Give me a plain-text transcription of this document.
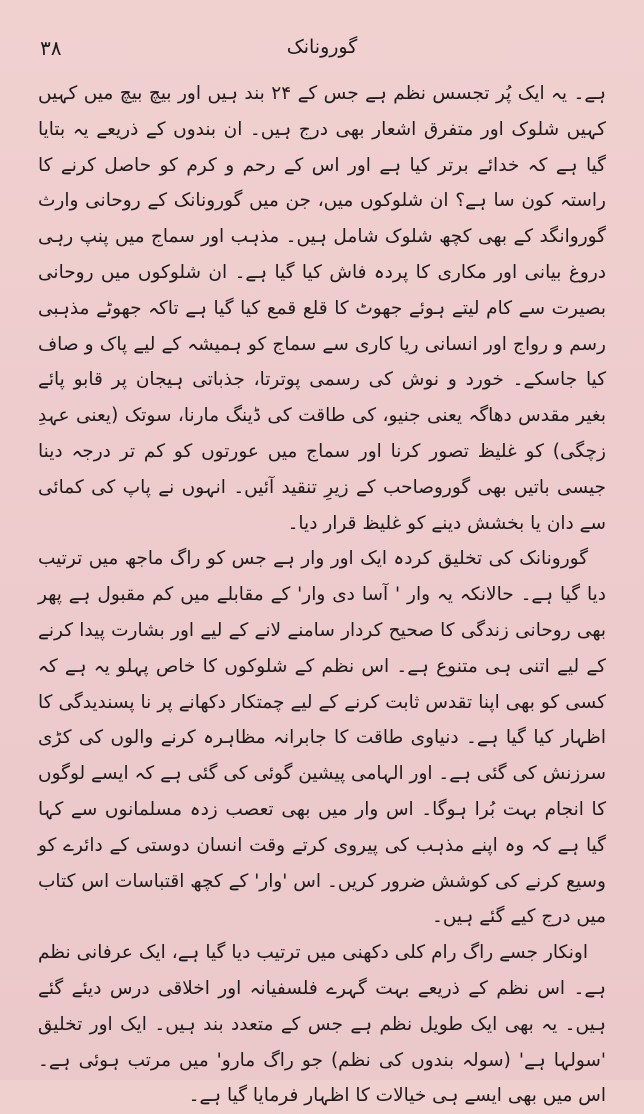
۳۸	گورونانک

ہے۔ یہ ایک پُر تجسس نظم ہے جس کے ۲۴ بند ہیں اور بیچ بیچ میں کہیں کہیں شلوک اور متفرق اشعار بھی درج ہیں۔ ان بندوں کے ذریعے یہ بتایا گیا ہے کہ خدائے برتر کیا ہے اور اس کے رحم و کرم کو حاصل کرنے کا راستہ کون سا ہے؟ ان شلوکوں میں، جن میں گورونانک کے روحانی وارث گوروانگد کے بھی کچھ شلوک شامل ہیں۔ مذہب اور سماج میں پنپ رہی دروغ بیانی اور مکاری کا پردہ فاش کیا گیا ہے۔ ان شلوکوں میں روحانی بصیرت سے کام لیتے ہوئے جھوٹ کا قلع قمع کیا گیا ہے تاکہ جھوٹے مذہبی رسم و رواج اور انسانی ریا کاری سے سماج کو ہمیشہ کے لیے پاک و صاف کیا جاسکے۔ خورد و نوش کی رسمی پوترتا، جذباتی ہیجان پر قابو پائے بغیر مقدس دھاگہ یعنی جنیو، کی طاقت کی ڈینگ مارنا، سوتک (یعنی عہدِ زچگی) کو غلیظ تصور کرنا اور سماج میں عورتوں کو کم تر درجہ دینا جیسی باتیں بھی گوروصاحب کے زیرِ تنقید آئیں۔ انہوں نے پاپ کی کمائی سے دان یا بخشش دینے کو غلیظ قرار دیا۔

گورونانک کی تخلیق کردہ ایک اور وار ہے جس کو راگ ماجھ میں ترتیب دیا گیا ہے۔ حالانکہ یہ وار ' آسا دی وار' کے مقابلے میں کم مقبول ہے پھر بھی روحانی زندگی کا صحیح کردار سامنے لانے کے لیے اور بشارت پیدا کرنے کے لیے اتنی ہی متنوع ہے۔ اس نظم کے شلوکوں کا خاص پہلو یہ ہے کہ کسی کو بھی اپنا تقدس ثابت کرنے کے لیے چمتکار دکھانے پر نا پسندیدگی کا اظہار کیا گیا ہے۔ دنیاوی طاقت کا جابرانہ مظاہرہ کرنے والوں کی کڑی سرزنش کی گئی ہے۔ اور الہامی پیشین گوئی کی گئی ہے کہ ایسے لوگوں کا انجام بہت بُرا ہوگا۔ اس وار میں بھی تعصب زدہ مسلمانوں سے کہا گیا ہے کہ وہ اپنے مذہب کی پیروی کرتے وقت انسان دوستی کے دائرے کو وسیع کرنے کی کوشش ضرور کریں۔ اس 'وار' کے کچھ اقتباسات اس کتاب میں درج کیے گئے ہیں۔

اونکار جسے راگ رام کلی دکھنی میں ترتیب دیا گیا ہے، ایک عرفانی نظم ہے۔ اس نظم کے ذریعے بہت گہرے فلسفیانہ اور اخلاقی درس دیئے گئے ہیں۔ یہ بھی ایک طویل نظم ہے جس کے متعدد بند ہیں۔ ایک اور تخلیق 'سولہا ہے' (سولہ بندوں کی نظم) جو راگ مارو' میں مرتب ہوئی ہے۔ اس میں بھی ایسے ہی خیالات کا اظہار فرمایا گیا ہے۔
